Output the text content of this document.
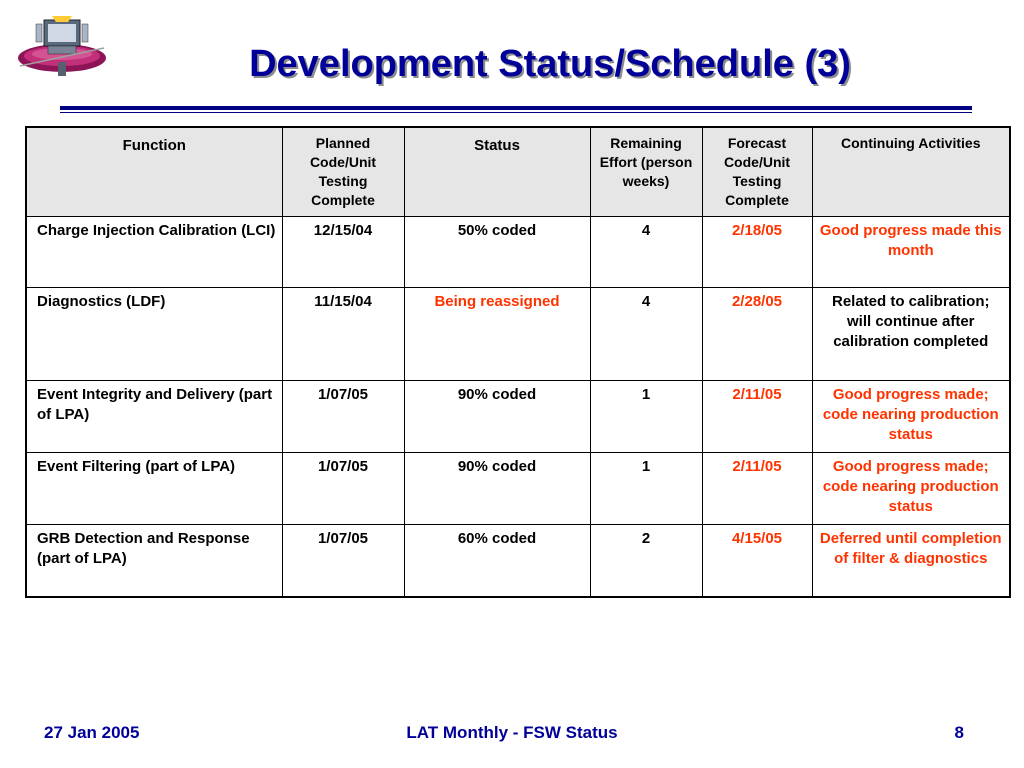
Development Status/Schedule (3)
Function	Planned Code/Unit Testing Complete	Status	Remaining Effort (person weeks)	Forecast Code/Unit Testing Complete	Continuing Activities
Charge Injection Calibration (LCI)	12/15/04	50% coded	4	2/18/05	Good progress made this month
Diagnostics (LDF)	11/15/04	Being reassigned	4	2/28/05	Related to calibration; will continue after calibration completed
Event Integrity and Delivery (part of LPA)	1/07/05	90% coded	1	2/11/05	Good progress made; code nearing production status
Event Filtering (part of LPA)	1/07/05	90% coded	1	2/11/05	Good progress made; code nearing production status
GRB Detection and Response (part of LPA)	1/07/05	60% coded	2	4/15/05	Deferred until completion of filter & diagnostics
27 Jan 2005	LAT Monthly - FSW Status	8
